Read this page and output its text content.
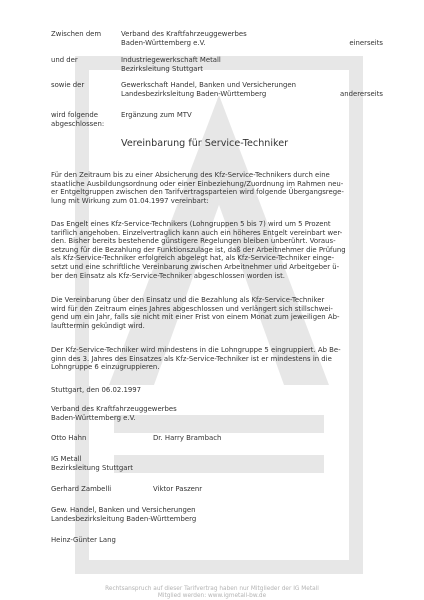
Zwischen dem	Verband des Kraftfahrzeuggewerbes
Baden-Württemberg e.V.	einerseits
und der	Industriegewerkschaft Metall
Bezirksleitung Stuttgart
sowie der	Gewerkschaft Handel, Banken und Versicherungen
Landesbezirksleitung Baden-Württemberg	andererseits
wird folgende
abgeschlossen:
Ergänzung zum MTV
Vereinbarung für Service-Techniker
Für den Zeitraum bis zu einer Absicherung des Kfz-Service-Technikers durch eine
staatliche Ausbildungsordnung oder einer Einbeziehung/Zuordnung im Rahmen neu-
er Entgeltgruppen zwischen den Tarifvertragsparteien wird folgende Übergangsrege-
lung mit Wirkung zum 01.04.1997 vereinbart:
Das Engelt eines Kfz-Service-Technikers (Lohngruppen 5 bis 7) wird um 5 Prozent
tariflich angehoben. Einzelvertraglich kann auch ein höheres Entgelt vereinbart wer-
den. Bisher bereits bestehende günstigere Regelungen bleiben unberührt. Voraus-
setzung für die Bezahlung der Funktionszulage ist, daß der Arbeitnehmer die Prüfung
als Kfz-Service-Techniker erfolgreich abgelegt hat, als Kfz-Service-Techniker einge-
setzt und eine schriftliche Vereinbarung zwischen Arbeitnehmer und Arbeitgeber ü-
ber den Einsatz als Kfz-Service-Techniker abgeschlossen worden ist.
Die Vereinbarung über den Einsatz und die Bezahlung als Kfz-Service-Techniker
wird für den Zeitraum eines Jahres abgeschlossen und verlängert sich stillschwei-
gend um ein Jahr, falls sie nicht mit einer Frist von einem Monat zum jeweiligen Ab-
laufttermin gekündigt wird.
Der Kfz-Service-Techniker wird mindestens in die Lohngruppe 5 eingruppiert. Ab Be-
ginn des 3. Jahres des Einsatzes als Kfz-Service-Techniker ist er mindestens in die
Lohngruppe 6 einzugruppieren.
Stuttgart, den 06.02.1997
Verband des Kraftfahrzeuggewerbes
Baden-Württemberg e.V.
Otto Hahn	Dr. Harry Brambach
IG Metall
Bezirksleitung Stuttgart
Gerhard Zambelli	Viktor Paszenr
Gew. Handel, Banken und Versicherungen
Landesbezirksleitung Baden-Württemberg
Heinz-Günter Lang
Rechtsanspruch auf dieser Tarifvertrag haben nur Mitglieder der IG Metall
Mitglied werden: www.igmetall-bw.de
